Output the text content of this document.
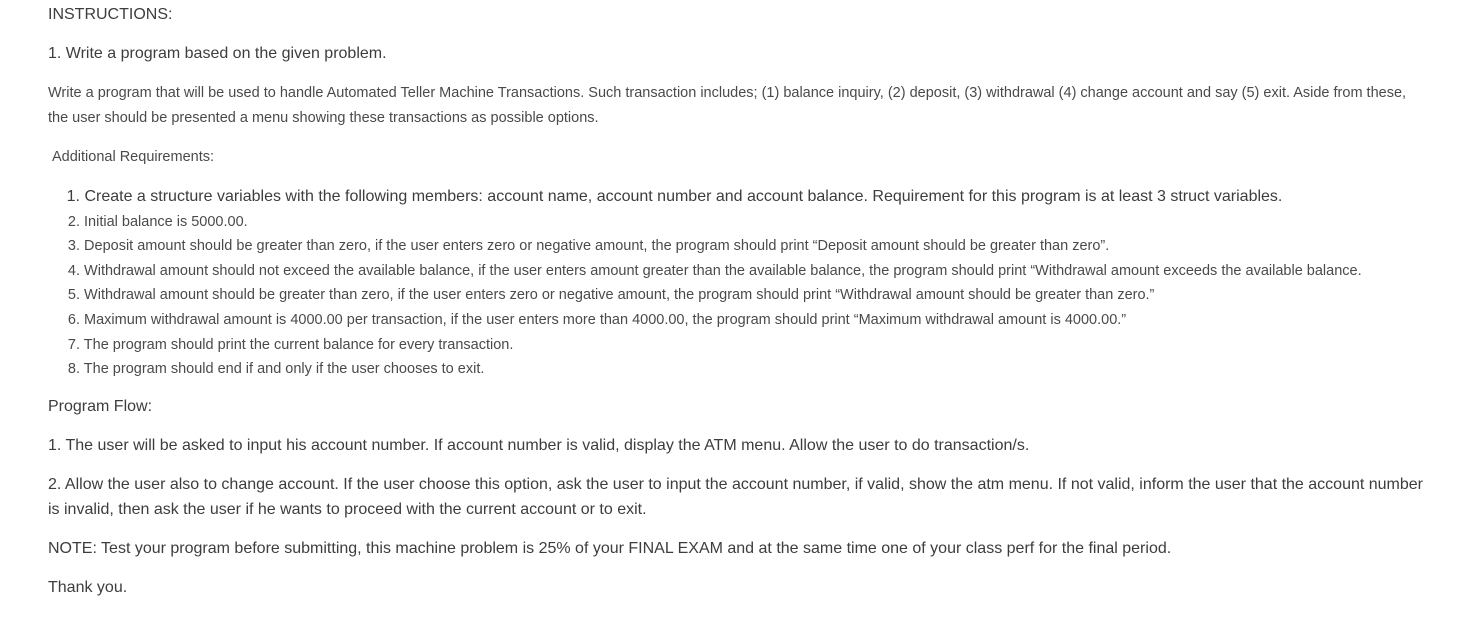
INSTRUCTIONS:
1. Write a program based on the given problem.
Write a program that will be used to handle Automated Teller Machine Transactions. Such transaction includes; (1) balance inquiry, (2) deposit, (3) withdrawal (4) change account and say (5) exit. Aside from these, the user should be presented a menu showing these transactions as possible options.
Additional Requirements:
1. Create a structure variables with the following members: account name, account number and account balance. Requirement for this program is at least 3 struct variables.
2. Initial balance is 5000.00.
3. Deposit amount should be greater than zero, if the user enters zero or negative amount, the program should print “Deposit amount should be greater than zero”.
4. Withdrawal amount should not exceed the available balance, if the user enters amount greater than the available balance, the program should print “Withdrawal amount exceeds the available balance.
5. Withdrawal amount should be greater than zero, if the user enters zero or negative amount, the program should print “Withdrawal amount should be greater than zero.”
6. Maximum withdrawal amount is 4000.00 per transaction, if the user enters more than 4000.00, the program should print “Maximum withdrawal amount is 4000.00.”
7. The program should print the current balance for every transaction.
8. The program should end if and only if the user chooses to exit.
Program Flow:
1. The user will be asked to input his account number. If account number is valid, display the ATM menu. Allow the user to do transaction/s.
2. Allow the user also to change account. If the user choose this option, ask the user to input the account number, if valid, show the atm menu. If not valid, inform the user that the account number is invalid, then ask the user if he wants to proceed with the current account or to exit.
NOTE: Test your program before submitting, this machine problem is 25% of your FINAL EXAM and at the same time one of your class perf for the final period.
Thank you.
